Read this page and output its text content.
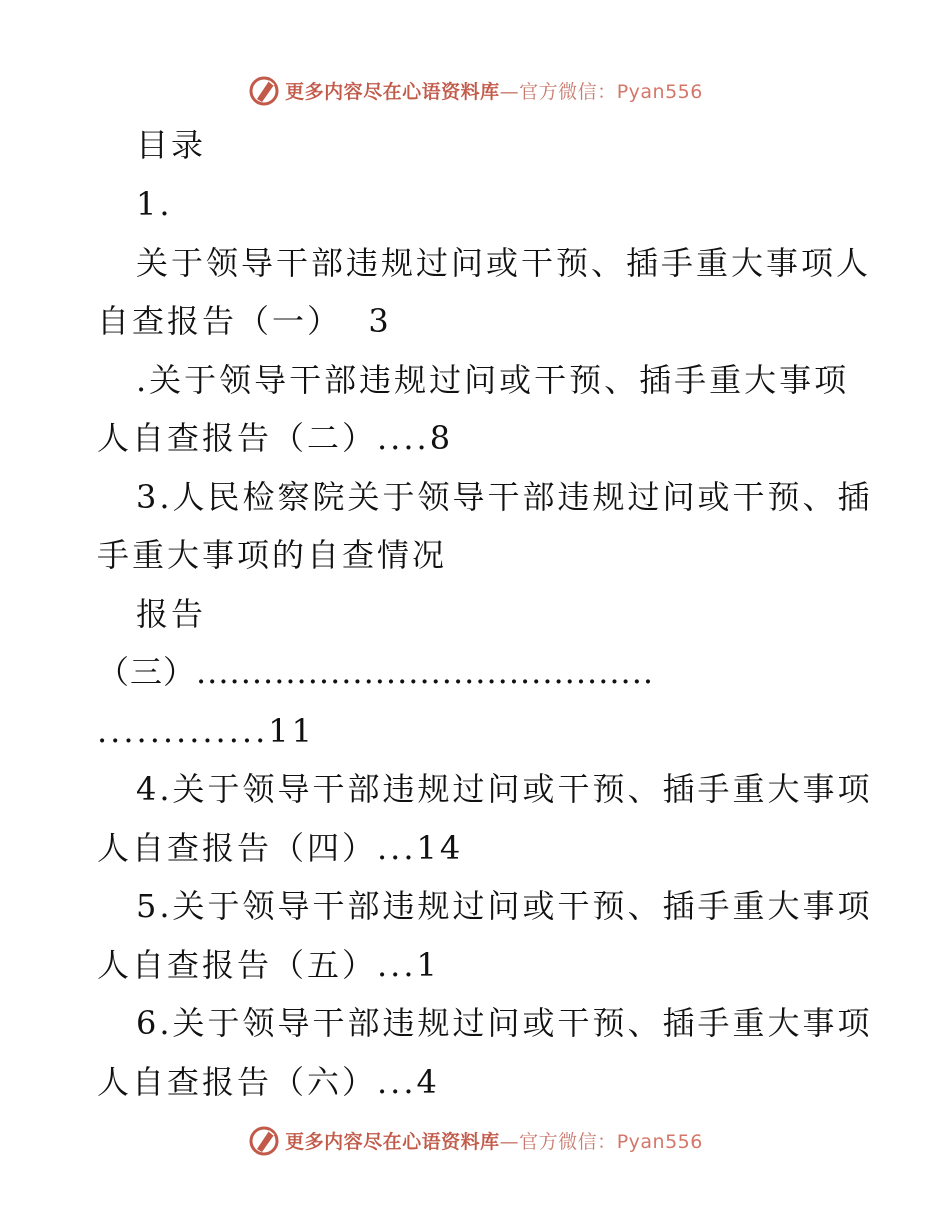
更多内容尽在心语资料库—官方微信：Pyan556
目录
1.
关于领导干部违规过问或干预、插手重大事项人
自查报告（一）  3
.关于领导干部违规过问或干预、插手重大事项
人自查报告（二）....8
3.人民检察院关于领导干部违规过问或干预、插
手重大事项的自查情况
报告
（三）.........................................
.............11
4.关于领导干部违规过问或干预、插手重大事项
人自查报告（四）...14
5.关于领导干部违规过问或干预、插手重大事项
人自查报告（五）...1
6.关于领导干部违规过问或干预、插手重大事项
人自查报告（六）...4
更多内容尽在心语资料库—官方微信：Pyan556
